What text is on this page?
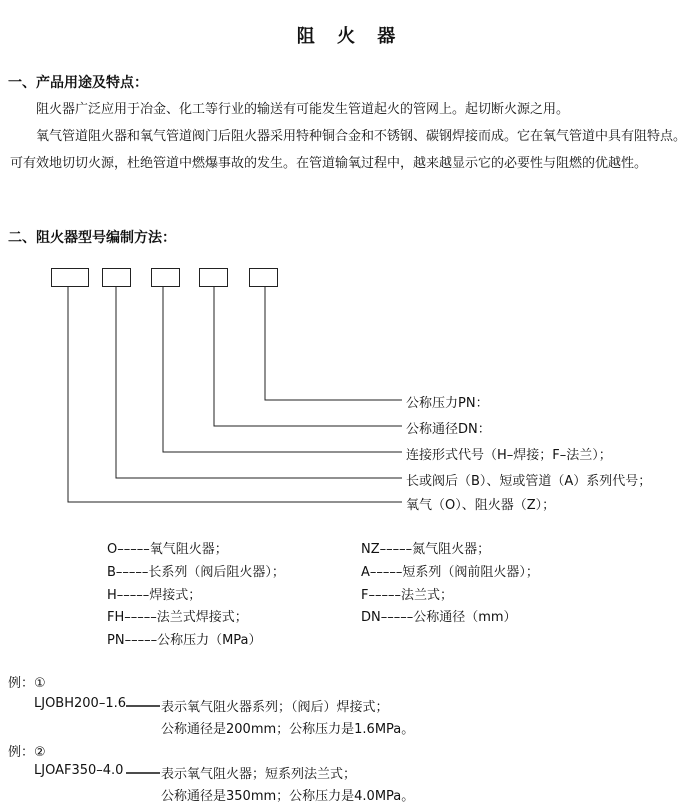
阻 火 器
一、产品用途及特点：
阻火器广泛应用于冶金、化工等行业的输送有可能发生管道起火的管网上。起切断火源之用。
氧气管道阻火器和氧气管道阀门后阻火器采用特种铜合金和不锈钢、碳钢焊接而成。它在氧气管道中具有阻特点。可有效地切切火源，杜绝管道中燃爆事故的发生。在管道输氧过程中，越来越显示它的必要性与阻燃的优越性。
二、阻火器型号编制方法：
公称压力PN：
公称通径DN：
连接形式代号（H–焊接；F–法兰）；
长或阀后（B）、短或管道（A）系列代号；
氧气（O）、阻火器（Z）；
O–––––氧气阻火器；
B–––––长系列（阀后阻火器）；
H–––––焊接式；
FH–––––法兰式焊接式；
PN–––––公称压力（MPa）
NZ–––––氮气阻火器；
A–––––短系列（阀前阻火器）；
F–––––法兰式；
DN–––––公称通径（mm）
例：①
LJOBH200–1.6	表示氧气阻火器系列；（阀后）焊接式；
公称通径是200mm；公称压力是1.6MPa。
例：②
LJOAF350–4.0	表示氧气阻火器；短系列法兰式；
公称通径是350mm；公称压力是4.0MPa。
